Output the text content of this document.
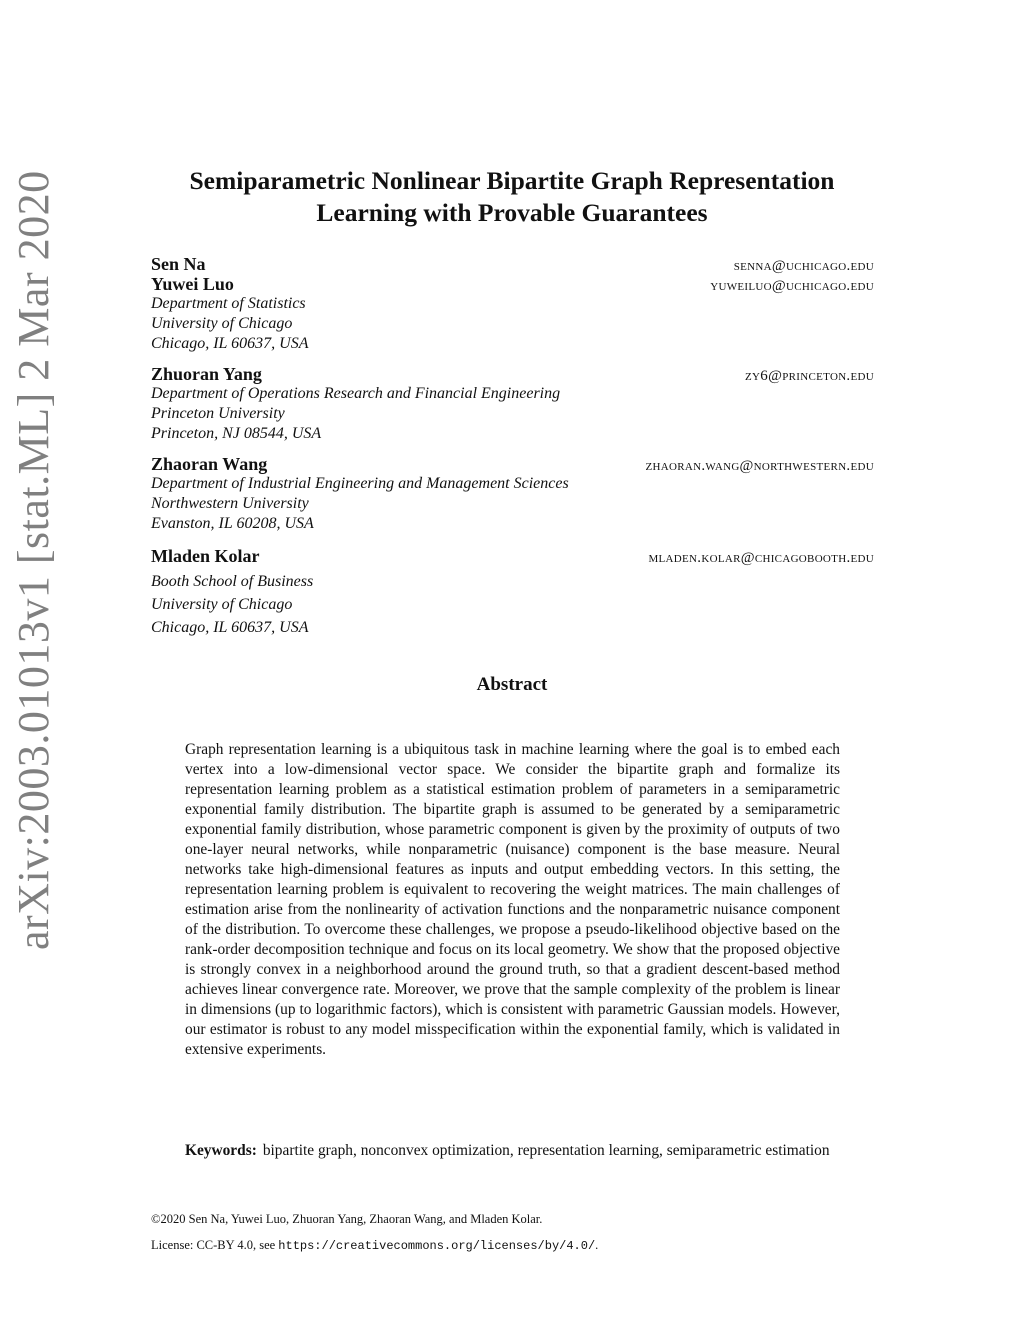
arXiv:2003.01013v1 [stat.ML] 2 Mar 2020	Semiparametric Nonlinear Bipartite Graph Representation
Learning with Provable Guarantees
Sen Na	senna@uchicago.edu
Yuwei Luo	yuweiluo@uchicago.edu
Department of Statistics
University of Chicago
Chicago, IL 60637, USA
Zhuoran Yang	zy6@princeton.edu
Department of Operations Research and Financial Engineering
Princeton University
Princeton, NJ 08544, USA
Zhaoran Wang	zhaoran.wang@northwestern.edu
Department of Industrial Engineering and Management Sciences
Northwestern University
Evanston, IL 60208, USA
Mladen Kolar	mladen.kolar@chicagobooth.edu
Booth School of Business
University of Chicago
Chicago, IL 60637, USA
Abstract
Graph representation learning is a ubiquitous task in machine learning where the goal is to embed each vertex into a low-dimensional vector space. We consider the bipartite graph and formalize its representation learning problem as a statistical estimation problem of parameters in a semiparametric exponential family distribution. The bipartite graph is assumed to be generated by a semiparametric exponential family distribution, whose parametric component is given by the proximity of outputs of two one-layer neural networks, while nonparametric (nuisance) component is the base measure. Neural networks take high-dimensional features as inputs and output embedding vectors. In this setting, the representation learning problem is equivalent to recovering the weight matrices. The main challenges of estimation arise from the nonlinearity of activation functions and the nonparametric nuisance component of the distribution. To overcome these challenges, we propose a pseudo-likelihood objective based on the rank-order decomposition technique and focus on its local geometry. We show that the proposed objective is strongly convex in a neighborhood around the ground truth, so that a gradient descent-based method achieves linear convergence rate. Moreover, we prove that the sample complexity of the problem is linear in dimensions (up to logarithmic factors), which is consistent with parametric Gaussian models. However, our estimator is robust to any model misspecification within the exponential family, which is validated in extensive experiments.
Keywords: bipartite graph, nonconvex optimization, representation learning, semiparametric estimation
©2020 Sen Na, Yuwei Luo, Zhuoran Yang, Zhaoran Wang, and Mladen Kolar.
License: CC-BY 4.0, see https://creativecommons.org/licenses/by/4.0/.
